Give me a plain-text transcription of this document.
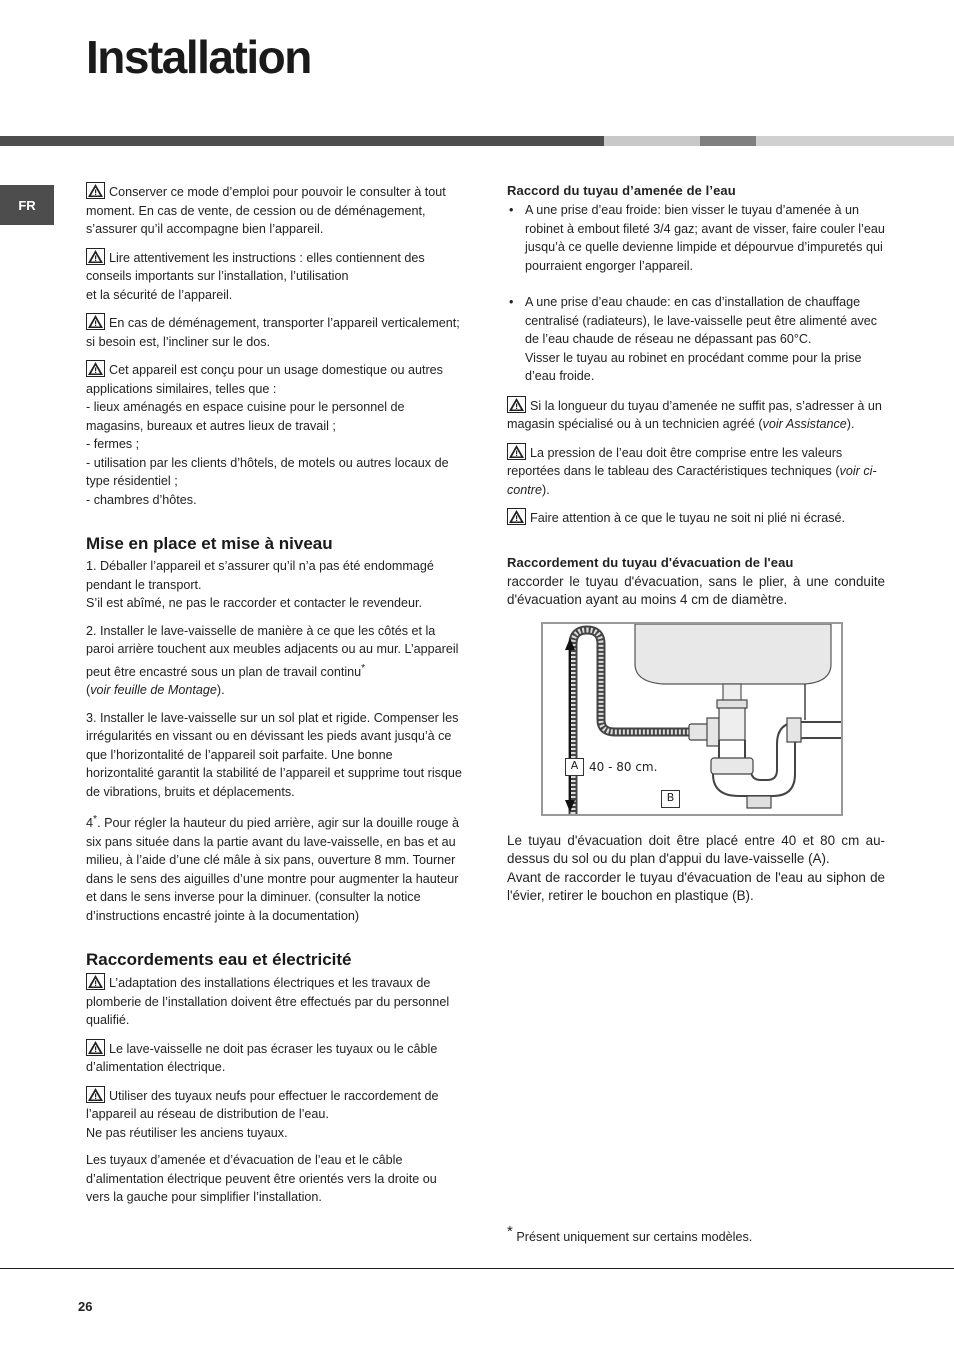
Installation
FR

Conserver ce mode d’emploi pour pouvoir le consulter à tout moment. En cas de vente, de cession ou de déménagement, s’assurer qu’il accompagne bien l’appareil.

Lire attentivement les instructions : elles contiennent des conseils importants sur l’installation, l’utilisation
et la sécurité de l’appareil.

En cas de déménagement, transporter l’appareil verticalement; si besoin est, l’incliner sur le dos.

Cet appareil est conçu pour un usage domestique ou autres applications similaires, telles que :
- lieux aménagés en espace cuisine pour le personnel de magasins, bureaux et autres lieux de travail ;
- fermes ;
- utilisation par les clients d’hôtels, de motels ou autres locaux de type résidentiel ;
- chambres d’hôtes.

Mise en place et mise à niveau

1. Déballer l’appareil et s’assurer qu’il n’a pas été endommagé pendant le transport.
S’il est abîmé, ne pas le raccorder et contacter le revendeur.

2. Installer le lave-vaisselle de manière à ce que les côtés et la paroi arrière touchent aux meubles adjacents ou au mur. L’appareil peut être encastré sous un plan de travail continu*
(voir feuille de Montage).

3. Installer le lave-vaisselle sur un sol plat et rigide. Compenser les irrégularités en vissant ou en dévissant les pieds avant jusqu’à ce que l’horizontalité de l’appareil soit parfaite. Une bonne horizontalité garantit la stabilité de l’appareil et supprime tout risque de vibrations, bruits et déplacements.

4*. Pour régler la hauteur du pied arrière, agir sur la douille rouge à six pans située dans la partie avant du lave-vaisselle, en bas et au milieu, à l’aide d’une clé mâle à six pans, ouverture 8 mm. Tourner dans le sens des aiguilles d’une montre pour augmenter la hauteur et dans le sens inverse pour la diminuer. (consulter la notice d’instructions encastré jointe à la documentation)

Raccordements eau et électricité

L’adaptation des installations électriques et les travaux de plomberie de l’installation doivent être effectués par du personnel qualifié.

Le lave-vaisselle ne doit pas écraser les tuyaux ou le câble d’alimentation électrique.

Utiliser des tuyaux neufs pour effectuer le raccordement de l’appareil au réseau de distribution de l’eau.
Ne pas réutiliser les anciens tuyaux.

Les tuyaux d’amenée et d’évacuation de l’eau et le câble d’alimentation électrique peuvent être orientés vers la droite ou vers la gauche pour simplifier l’installation.

Raccord du tuyau d’amenée de l’eau
• A une prise d’eau froide: bien visser le tuyau d’amenée à un robinet à embout fileté 3/4 gaz; avant de visser, faire couler l’eau jusqu’à ce quelle devienne limpide et dépourvue d’impuretés qui pourraient engorger l’appareil.
• A une prise d’eau chaude: en cas d’installation de chauffage centralisé (radiateurs), le lave-vaisselle peut être alimenté avec de l’eau chaude de réseau ne dépassant pas 60°C.
Visser le tuyau au robinet en procédant comme pour la prise d’eau froide.

Si la longueur du tuyau d’amenée ne suffit pas, s’adresser à un magasin spécialisé ou à un technicien agréé (voir Assistance).

La pression de l’eau doit être comprise entre les valeurs reportées dans le tableau des Caractéristiques techniques (voir ci-contre).

Faire attention à ce que le tuyau ne soit ni plié ni écrasé.

Raccordement du tuyau d'évacuation de l'eau

raccorder le tuyau d'évacuation, sans le plier, à une conduite d'évacuation ayant au moins 4 cm de diamètre.

A 40 - 80 cm.
B

Le tuyau d'évacuation doit être placé entre 40 et 80 cm au-dessus du sol ou du plan d'appui du lave-vaisselle (A).
Avant de raccorder le tuyau d'évacuation de l'eau au siphon de l'évier, retirer le bouchon en plastique (B).

* Présent uniquement sur certains modèles.
26
